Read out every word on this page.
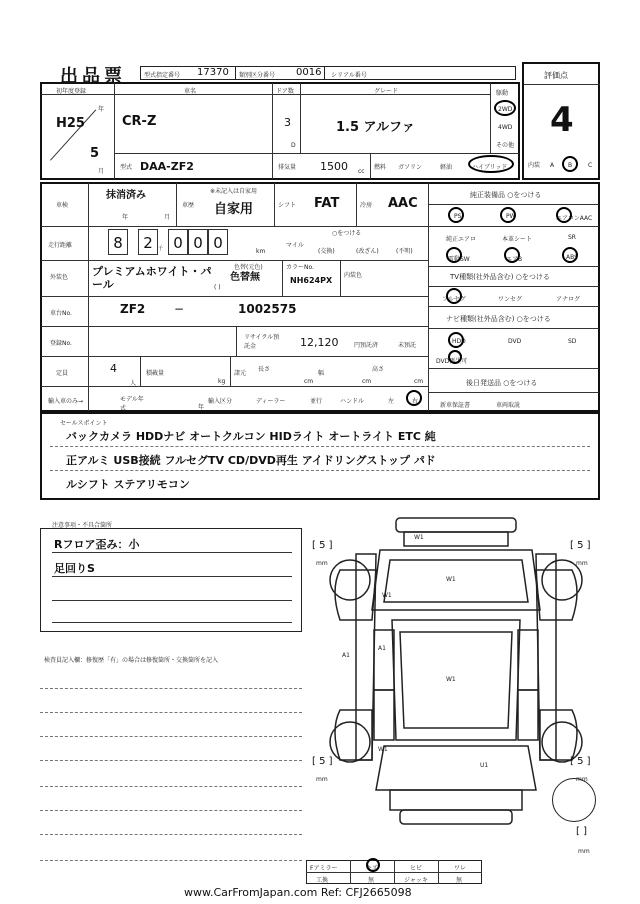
出品票	型式指定番号 17370 類別区分番号 0016 シリアル番号	評価点
4
初年度登録
年
月
H25
5
車名
CR-Z
ドア数
3
D
グレード
1.5 アルファ
駆動
2WD
4WD
その他
型式 DAA-ZF2	排気量 1500 cc
燃料 ガソリン	軽油	ハイブリッド	内装 A B	C
車検
抹消済み
年	月
車歴
※未記入は自家用
自家用	シフト FAT	冷房 AAC
走行距離	8	2	千 0 0 0	km
マイル
○をつける
(交換)	(改ざん)	(不明)
外装色 プレミアムホワイト・パール
色替(元色)
色替無
( )
カラーNo.
NH624PX
内装色
車台No.	ZF2 −	1002575
登録No.
リサイクル預託金	12,120	円預託済	未預託
定員	4
人
積載量
kg
諸元
長さ
cm
幅
cm
高さ
cm
輸入車のみ→	モデル年式	年
輸入区分	ディーラー	並行	ハンドル	左	右
純正装備品 ○をつける
PS	PW	エアコンAAC
純正エアロ	本革シート	SR
電動SW	エアB	ABS
TV種類(社外品含む) ○をつける
フルセグ	ワンセグ	アナログ
ナビ種類(社外品含む) ○をつける
HDD	DVD	SD
DVD再生可
後日発送品 ○をつける
新車保証書	車両取説
セールスポイント
バックカメラ HDDナビ オートクルコン HIDライト オートライト ETC 純
正アルミ USB接続 フルセグTV CD/DVD再生 アイドリングストップ パド
ルシフト ステアリモコン
注意事項・不具合箇所
Rフロア歪み：小
足回りS
検査員記入欄：修復歴「有」の場合は修復箇所・交換箇所を記入
W1
W1
W1
A1
A1
W1
W1
U1
[ 5 ]
mm
[ 5 ]
mm
[ 5 ]
mm
[ 5 ]
mm
[ ]
mm
Fアミラー	キズ	ヒビ	ワレ
工換	無	ジャッキ	無
www.CarFromJapan.com Ref: CFJ2665098
